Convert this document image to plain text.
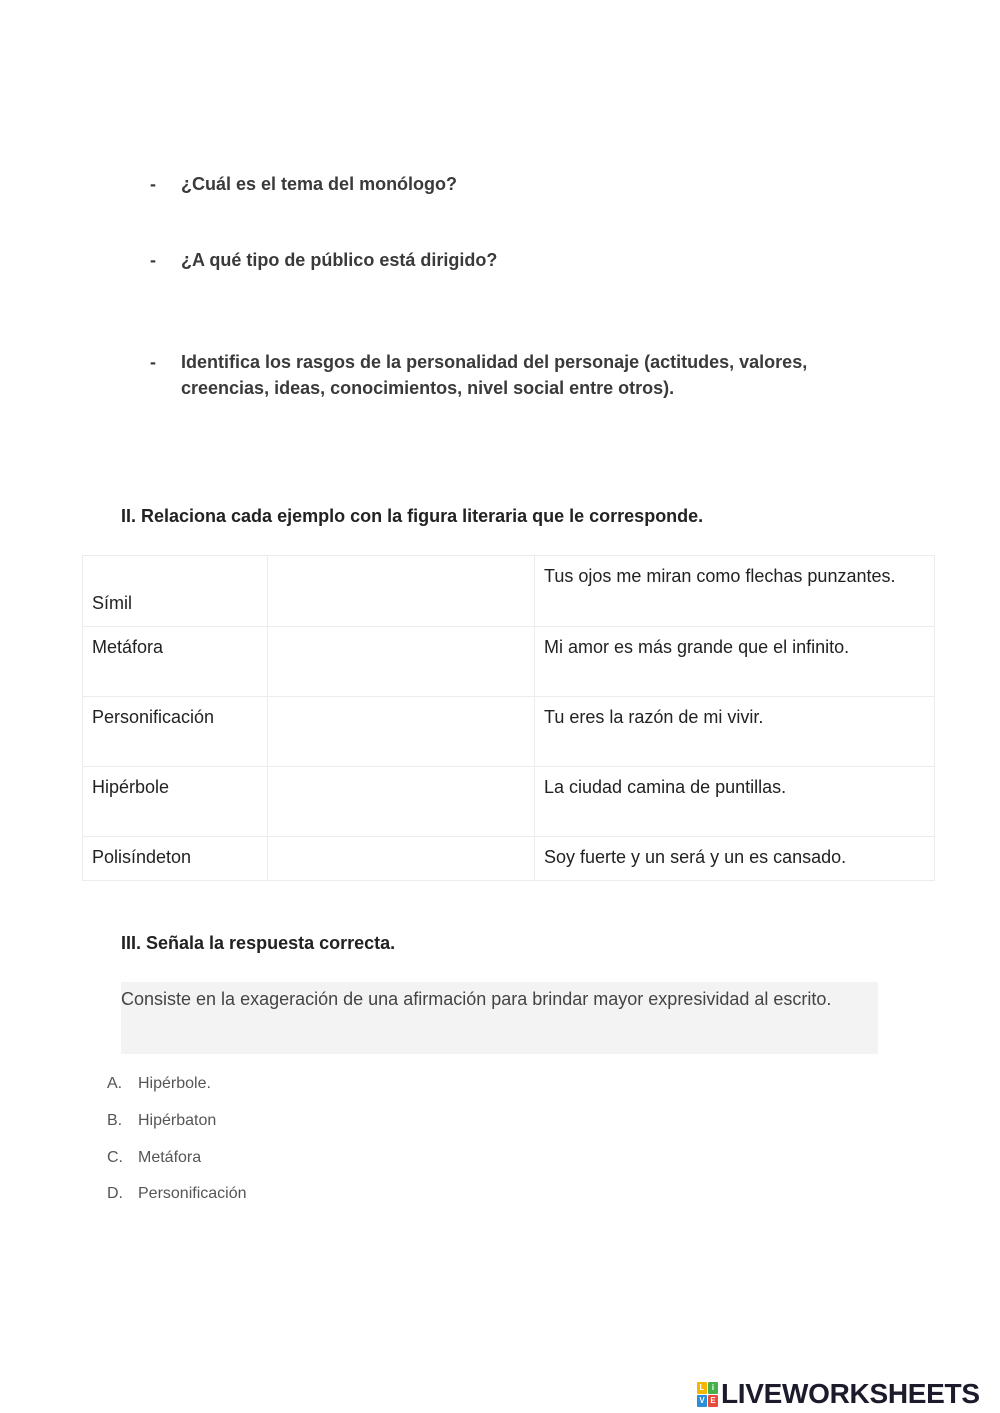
-	¿Cuál es el tema del monólogo?
-	¿A qué tipo de público está dirigido?
-	Identifica los rasgos de la personalidad del personaje (actitudes, valores, creencias, ideas, conocimientos, nivel social entre otros).
II. Relaciona cada ejemplo con la figura literaria que le corresponde.
Símil		Tus ojos me miran como flechas punzantes.
Metáfora		Mi amor es más grande que el infinito.
Personificación		Tu eres la razón de mi vivir.
Hipérbole		La ciudad camina de puntillas.
Polisíndeton		Soy fuerte y un será y un es cansado.
III. Señala la respuesta correcta.
Consiste en la exageración de una afirmación para brindar mayor expresividad al escrito.
A. Hipérbole.
B. Hipérbaton
C. Metáfora
D. Personificación
L i
V E LIVEWORKSHEETS
